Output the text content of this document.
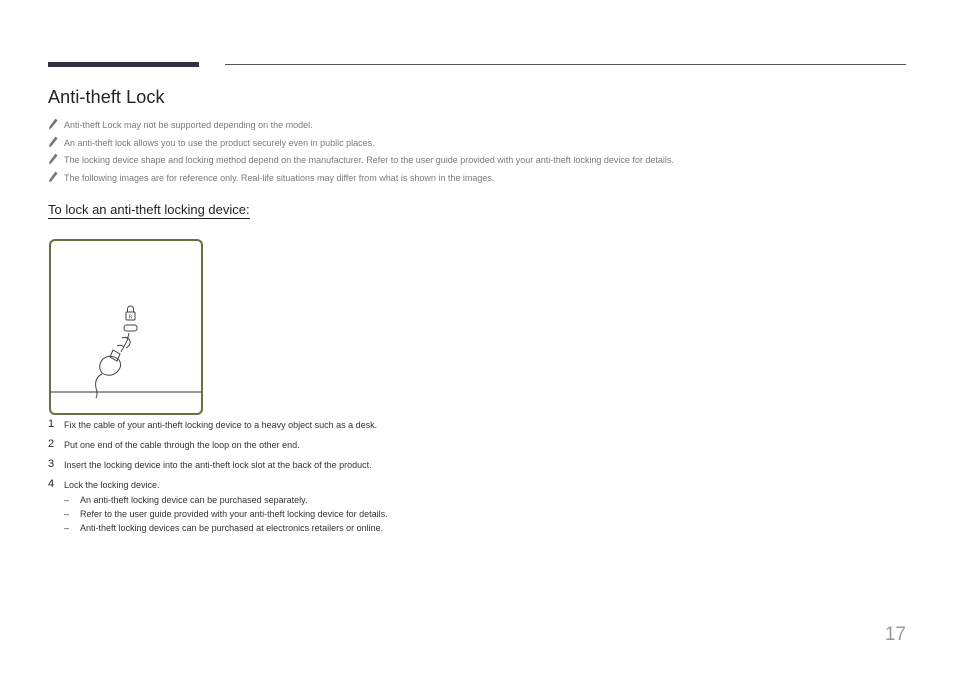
Anti-theft Lock
Anti-theft Lock may not be supported depending on the model.
An anti-theft lock allows you to use the product securely even in public places.
The locking device shape and locking method depend on the manufacturer. Refer to the user guide provided with your anti-theft locking device for details.
The following images are for reference only. Real-life situations may differ from what is shown in the images.
To lock an anti-theft locking device:
R
1 Fix the cable of your anti-theft locking device to a heavy object such as a desk.
2 Put one end of the cable through the loop on the other end.
3 Insert the locking device into the anti-theft lock slot at the back of the product.
4 Lock the locking device.
– An anti-theft locking device can be purchased separately.
– Refer to the user guide provided with your anti-theft locking device for details.
– Anti-theft locking devices can be purchased at electronics retailers or online.
17
